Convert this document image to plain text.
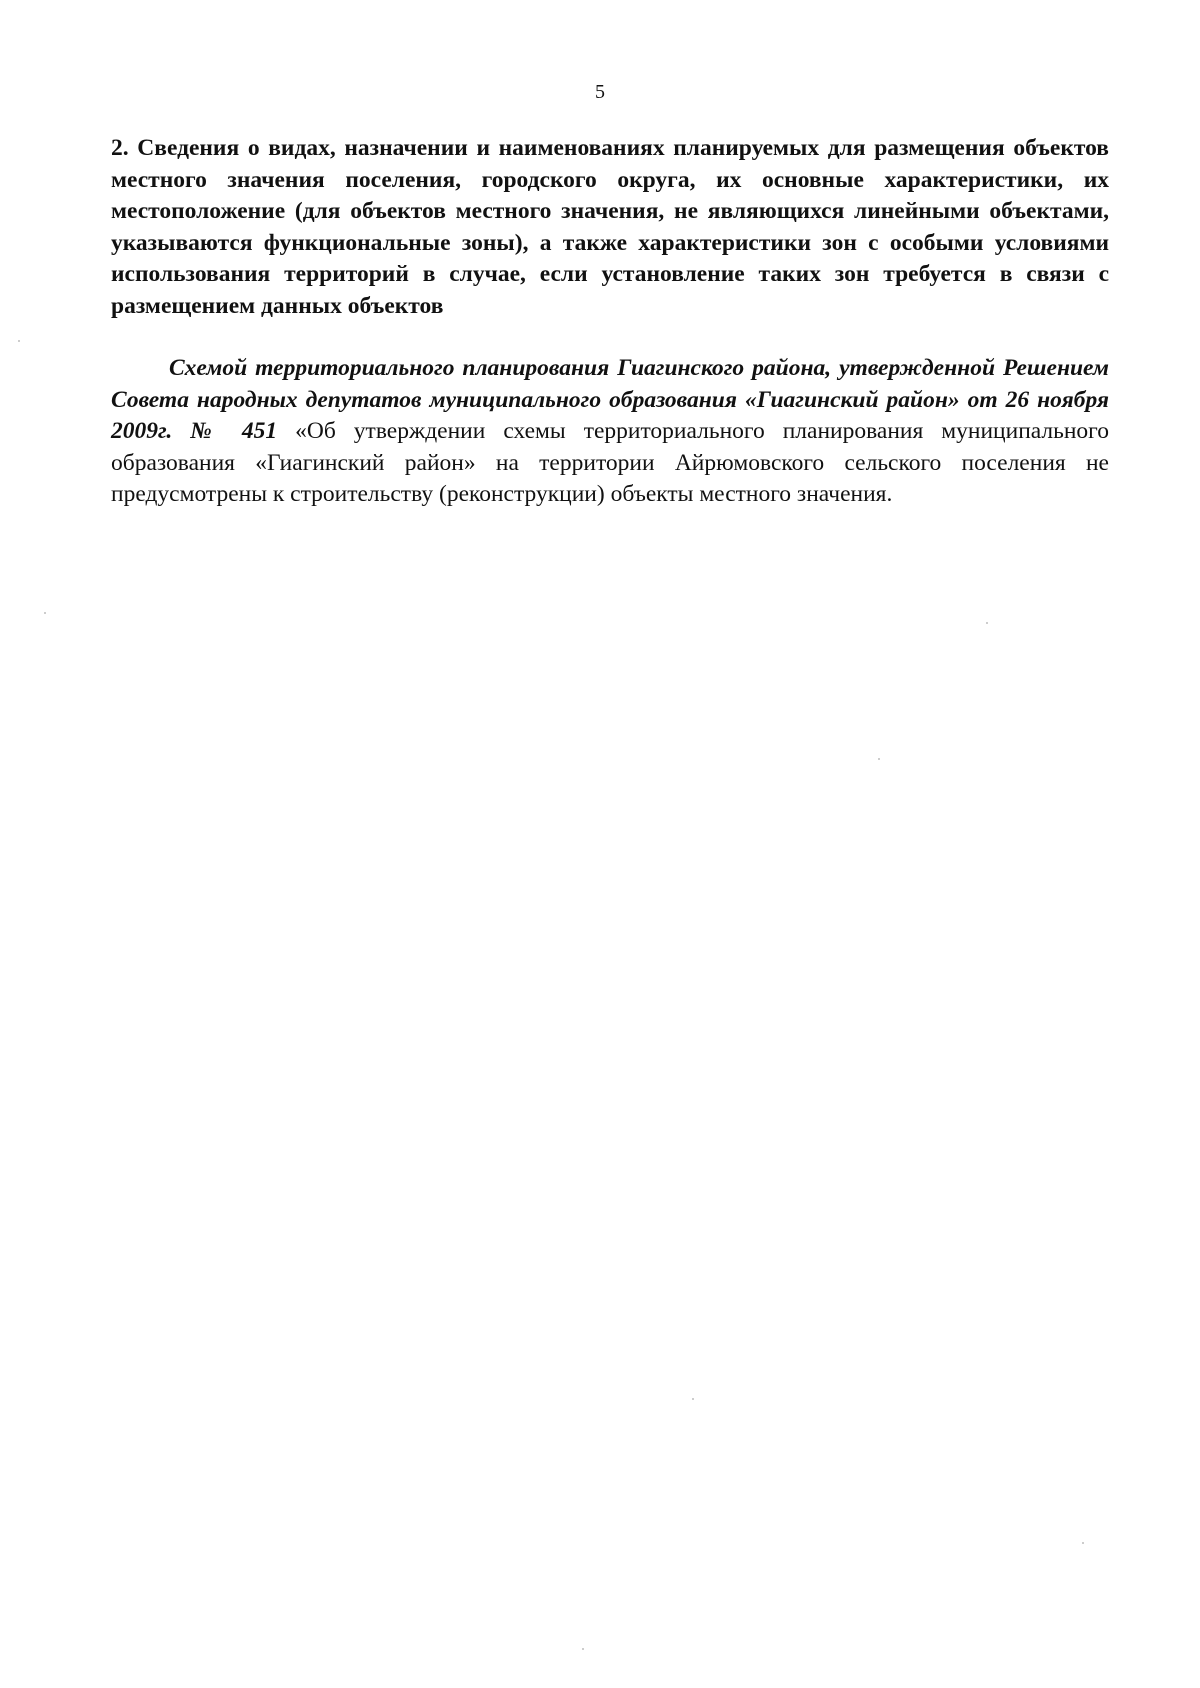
5

2. Сведения о видах, назначении и наименованиях планируемых для размещения объектов местного значения поселения, городского округа, их основные характеристики, их местоположение (для объектов местного значения, не являющихся линейными объектами, указываются функциональные зоны), а также характеристики зон с особыми условиями использования территорий в случае, если установление таких зон требуется в связи с размещением данных объектов

Схемой территориального планирования Гиагинского района, утвержденной Решением Совета народных депутатов муниципального образования «Гиагинский район» от 26 ноября 2009г. № 451 «Об утверждении схемы территориального планирования муниципального образования «Гиагинский район» на территории Айрюмовского сельского поселения не предусмотрены к строительству (реконструкции) объекты местного значения.
